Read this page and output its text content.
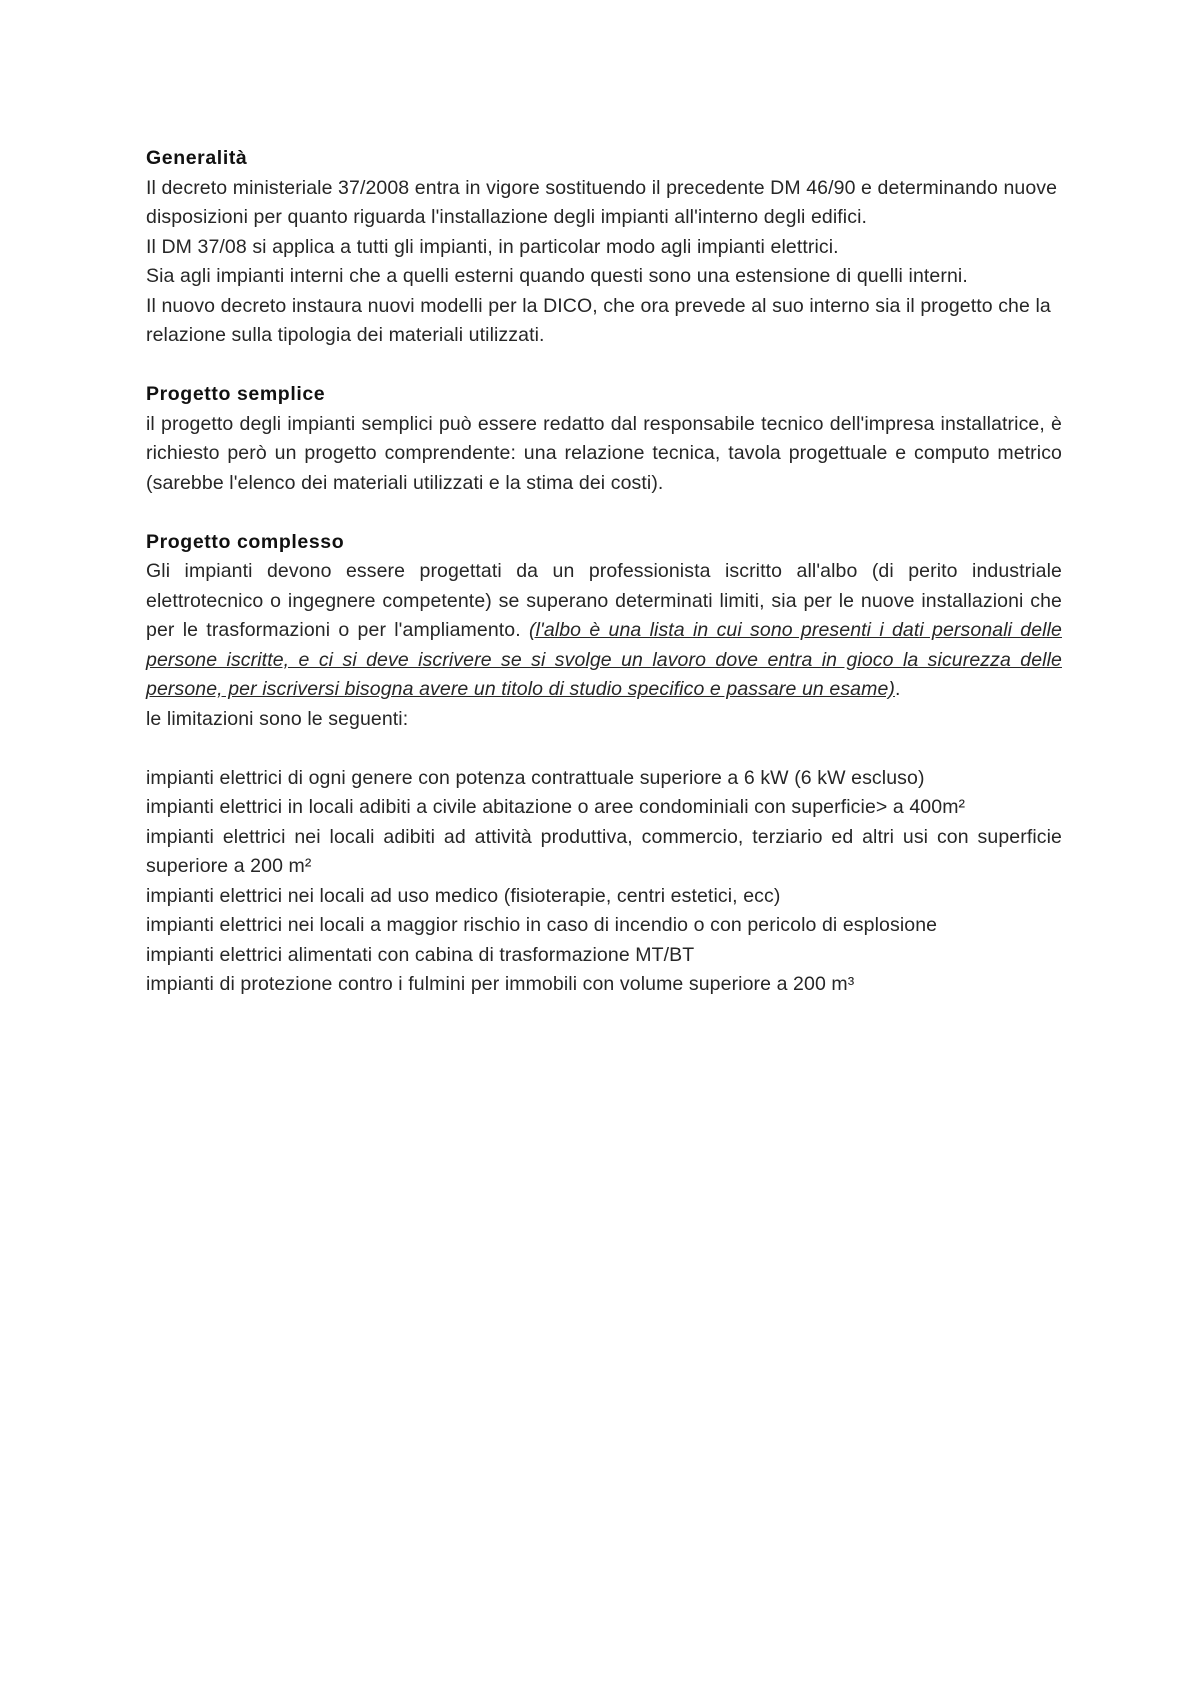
Generalità

Il decreto ministeriale 37/2008 entra in vigore sostituendo il precedente DM 46/90 e determinando nuove disposizioni per quanto riguarda l'installazione degli impianti all'interno degli edifici.

Il DM 37/08 si applica a tutti gli impianti, in particolar modo agli impianti elettrici.

Sia agli impianti interni che a quelli esterni quando questi sono una estensione di quelli interni.

Il nuovo decreto instaura nuovi modelli per la DICO, che ora prevede al suo interno sia il progetto che la relazione sulla tipologia dei materiali utilizzati.

Progetto semplice

il progetto degli impianti semplici può essere redatto dal responsabile tecnico dell'impresa installatrice, è richiesto però un progetto comprendente: una relazione tecnica, tavola progettuale e computo metrico (sarebbe l'elenco dei materiali utilizzati e la stima dei costi).

Progetto complesso

Gli impianti devono essere progettati da un professionista iscritto all'albo (di perito industriale elettrotecnico o ingegnere competente) se superano determinati limiti, sia per le nuove installazioni che per le trasformazioni o per l'ampliamento. (l'albo è una lista in cui sono presenti i dati personali delle persone iscritte, e ci si deve iscrivere se si svolge un lavoro dove entra in gioco la sicurezza delle persone, per iscriversi bisogna avere un titolo di studio specifico e passare un esame).

le limitazioni sono le seguenti:

impianti elettrici di ogni genere con potenza contrattuale superiore a 6 kW (6 kW escluso)

impianti elettrici in locali adibiti a civile abitazione o aree condominiali con superficie> a 400m²

impianti elettrici nei locali adibiti ad attività produttiva, commercio, terziario ed altri usi con superficie superiore a 200 m²

impianti elettrici nei locali ad uso medico (fisioterapie, centri estetici, ecc)

impianti elettrici nei locali a maggior rischio in caso di incendio o con pericolo di esplosione

impianti elettrici alimentati con cabina di trasformazione MT/BT

impianti di protezione contro i fulmini per immobili con volume superiore a 200 m³
